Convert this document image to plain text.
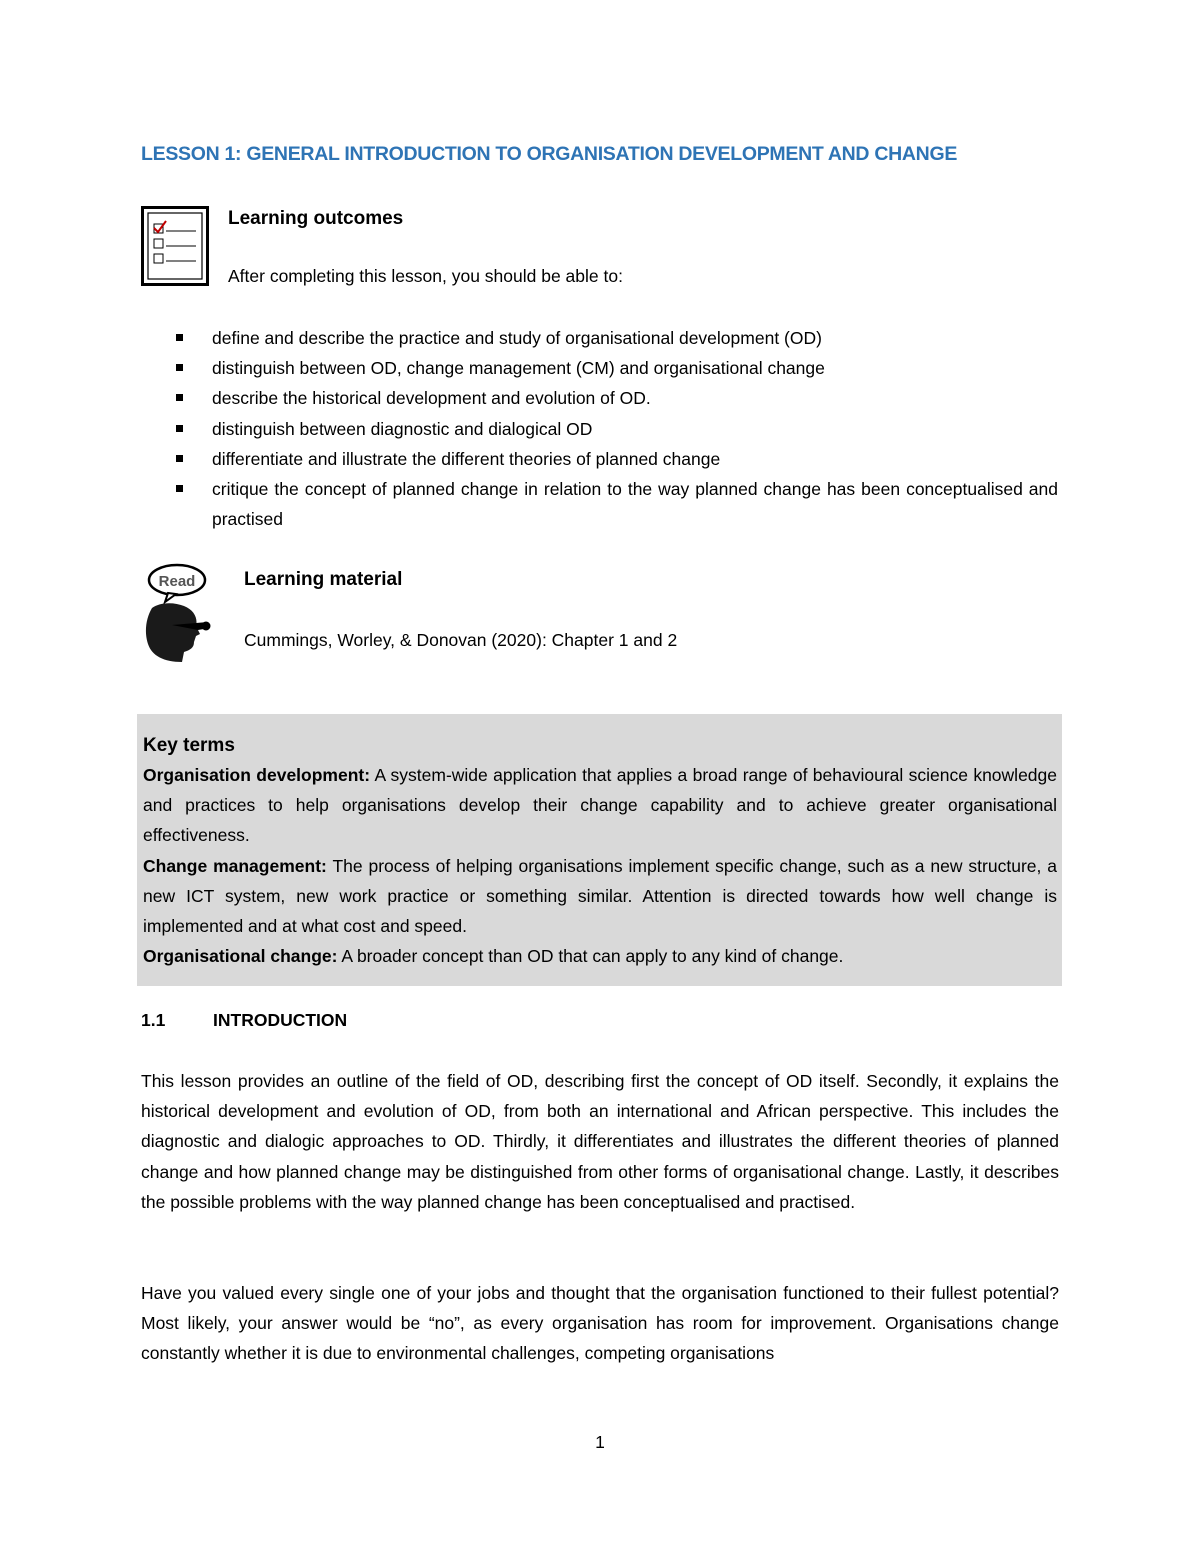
LESSON 1: GENERAL INTRODUCTION TO ORGANISATION DEVELOPMENT AND CHANGE
Learning outcomes
After completing this lesson, you should be able to:
define and describe the practice and study of organisational development (OD)
distinguish between OD, change management (CM) and organisational change
describe the historical development and evolution of OD.
distinguish between diagnostic and dialogical OD
differentiate and illustrate the different theories of planned change
critique the concept of planned change in relation to the way planned change has been conceptualised and practised
Read	Learning material
Cummings, Worley, & Donovan (2020): Chapter 1 and 2
Key terms

Organisation development: A system-wide application that applies a broad range of behavioural science knowledge and practices to help organisations develop their change capability and to achieve greater organisational effectiveness.

Change management: The process of helping organisations implement specific change, such as a new structure, a new ICT system, new work practice or something similar. Attention is directed towards how well change is implemented and at what cost and speed.

Organisational change: A broader concept than OD that can apply to any kind of change.

1.1	INTRODUCTION

This lesson provides an outline of the field of OD, describing first the concept of OD itself. Secondly, it explains the historical development and evolution of OD, from both an international and African perspective. This includes the diagnostic and dialogic approaches to OD. Thirdly, it differentiates and illustrates the different theories of planned change and how planned change may be distinguished from other forms of organisational change. Lastly, it describes the possible problems with the way planned change has been conceptualised and practised.

Have you valued every single one of your jobs and thought that the organisation functioned to their fullest potential? Most likely, your answer would be “no”, as every organisation has room for improvement. Organisations change constantly whether it is due to environmental challenges, competing organisations

1
